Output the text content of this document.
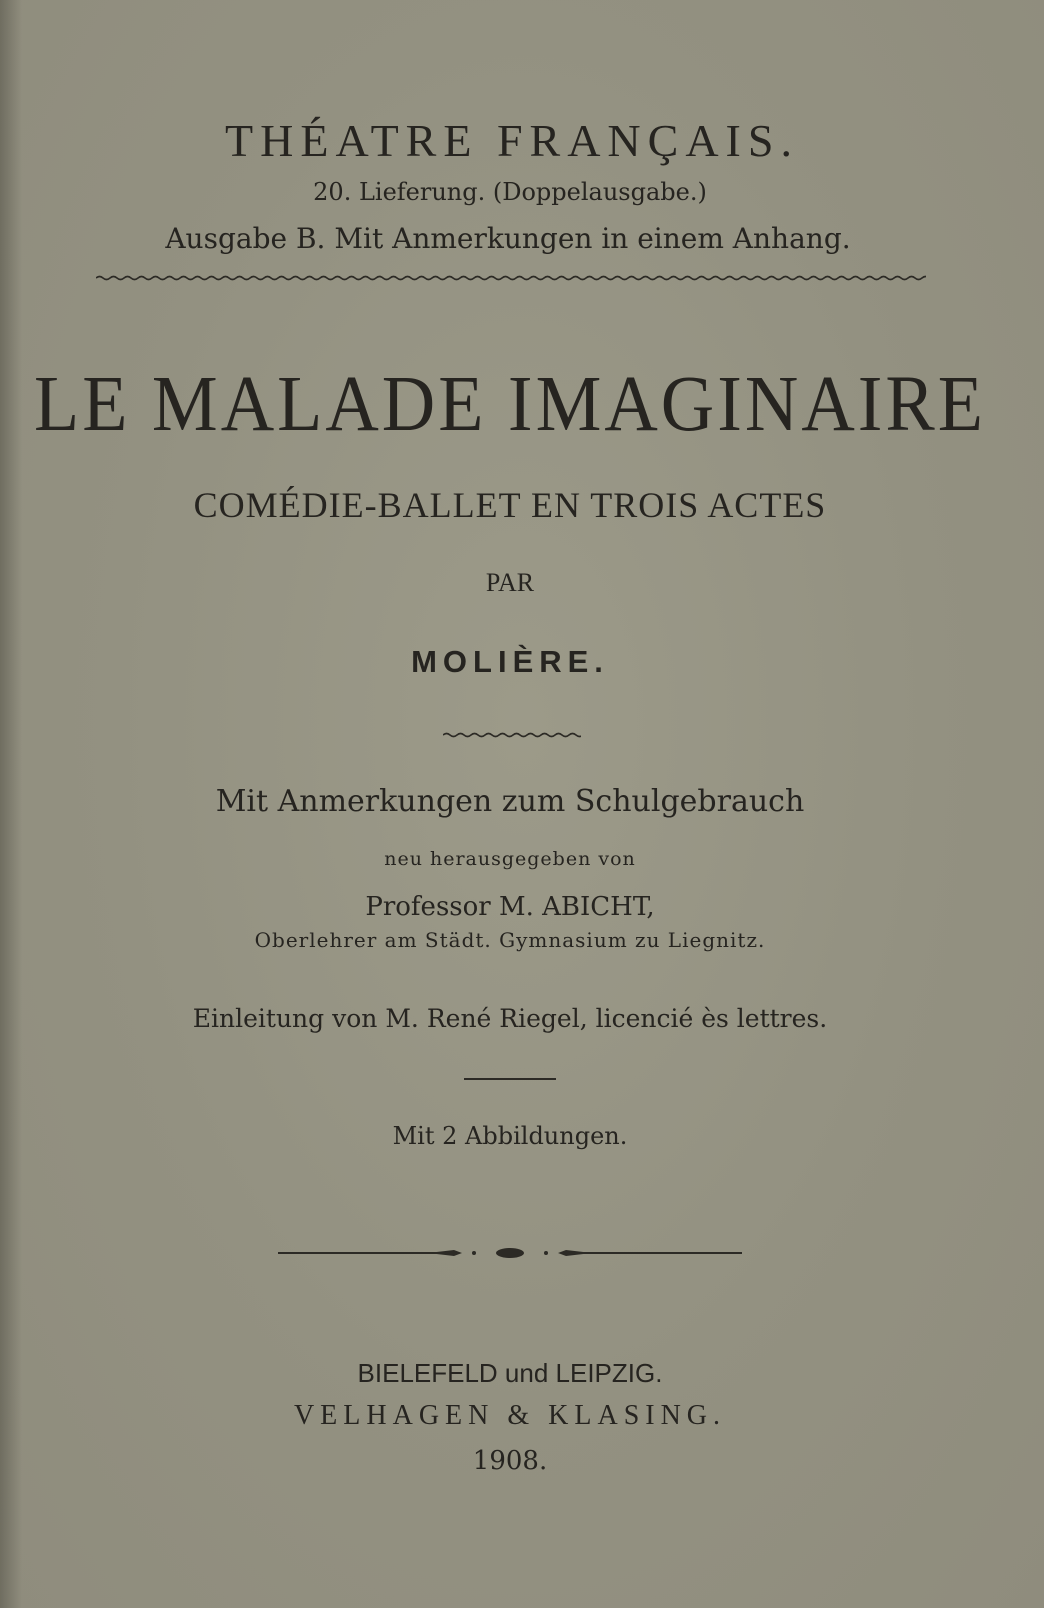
THÉATRE FRANÇAIS.
20. Lieferung. (Doppelausgabe.)
Ausgabe B. Mit Anmerkungen in einem Anhang.
LE MALADE IMAGINAIRE
COMÉDIE-BALLET EN TROIS ACTES
PAR
MOLIÈRE.
Mit Anmerkungen zum Schulgebrauch
neu herausgegeben von
Professor M. ABICHT,
Oberlehrer am Städt. Gymnasium zu Liegnitz.
Einleitung von M. René Riegel, licencié ès lettres.
Mit 2 Abbildungen.
BIELEFELD und LEIPZIG.
VELHAGEN & KLASING.
1908.
